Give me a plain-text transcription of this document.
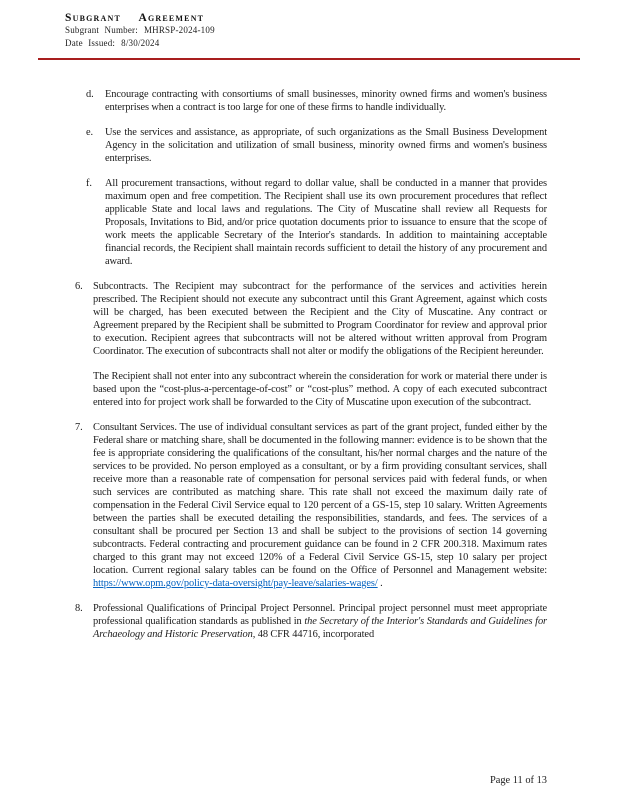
Subgrant Agreement
Subgrant Number: MHRSP-2024-109
Date Issued: 8/30/2024
d.	Encourage contracting with consortiums of small businesses, minority owned firms and women's business enterprises when a contract is too large for one of these firms to handle individually.

e.	Use the services and assistance, as appropriate, of such organizations as the Small Business Development Agency in the solicitation and utilization of small business, minority owned firms and women's business enterprises.

f.	All procurement transactions, without regard to dollar value, shall be conducted in a manner that provides maximum open and free competition. The Recipient shall use its own procurement procedures that reflect applicable State and local laws and regulations. The City of Muscatine shall review all Requests for Proposals, Invitations to Bid, and/or price quotation documents prior to issuance to ensure that the scope of work meets the applicable Secretary of the Interior's standards. In addition to maintaining acceptable financial records, the Recipient shall maintain records sufficient to detail the history of any procurement and award.

6.	Subcontracts. The Recipient may subcontract for the performance of the services and activities herein prescribed. The Recipient should not execute any subcontract until this Grant Agreement, against which costs will be charged, has been executed between the Recipient and the City of Muscatine. Any contract or Agreement prepared by the Recipient shall be submitted to Program Coordinator for review and approval prior to execution. Recipient agrees that subcontracts will not be altered without written approval from Program Coordinator. The execution of subcontracts shall not alter or modify the obligations of the Recipient hereunder.

The Recipient shall not enter into any subcontract wherein the consideration for work or material there under is based upon the “cost-plus-a-percentage-of-cost” or “cost-plus” method. A copy of each executed subcontract entered into for project work shall be forwarded to the City of Muscatine upon execution of the subcontract.

7.	Consultant Services. The use of individual consultant services as part of the grant project, funded either by the Federal share or matching share, shall be documented in the following manner: evidence is to be shown that the fee is appropriate considering the qualifications of the consultant, his/her normal charges and the nature of the services to be provided. No person employed as a consultant, or by a firm providing consultant services, shall receive more than a reasonable rate of compensation for personal services paid with federal funds, or when such services are contributed as matching share. This rate shall not exceed the maximum daily rate of compensation in the Federal Civil Service equal to 120 percent of a GS-15, step 10 salary. Written Agreements between the parties shall be executed detailing the responsibilities, standards, and fees. The services of a consultant shall be procured per Section 13 and shall be subject to the provisions of section 14 governing subcontracts. Federal contracting and procurement guidance can be found in 2 CFR 200.318. Maximum rates charged to this grant may not exceed 120% of a Federal Civil Service GS-15, step 10 salary per project location. Current regional salary tables can be found on the Office of Personnel and Management website: https://www.opm.gov/policy-data-oversight/pay-leave/salaries-wages/ .

8.	Professional Qualifications of Principal Project Personnel. Principal project personnel must meet appropriate professional qualification standards as published in the Secretary of the Interior's Standards and Guidelines for Archaeology and Historic Preservation, 48 CFR 44716, incorporated

Page 11 of 13
